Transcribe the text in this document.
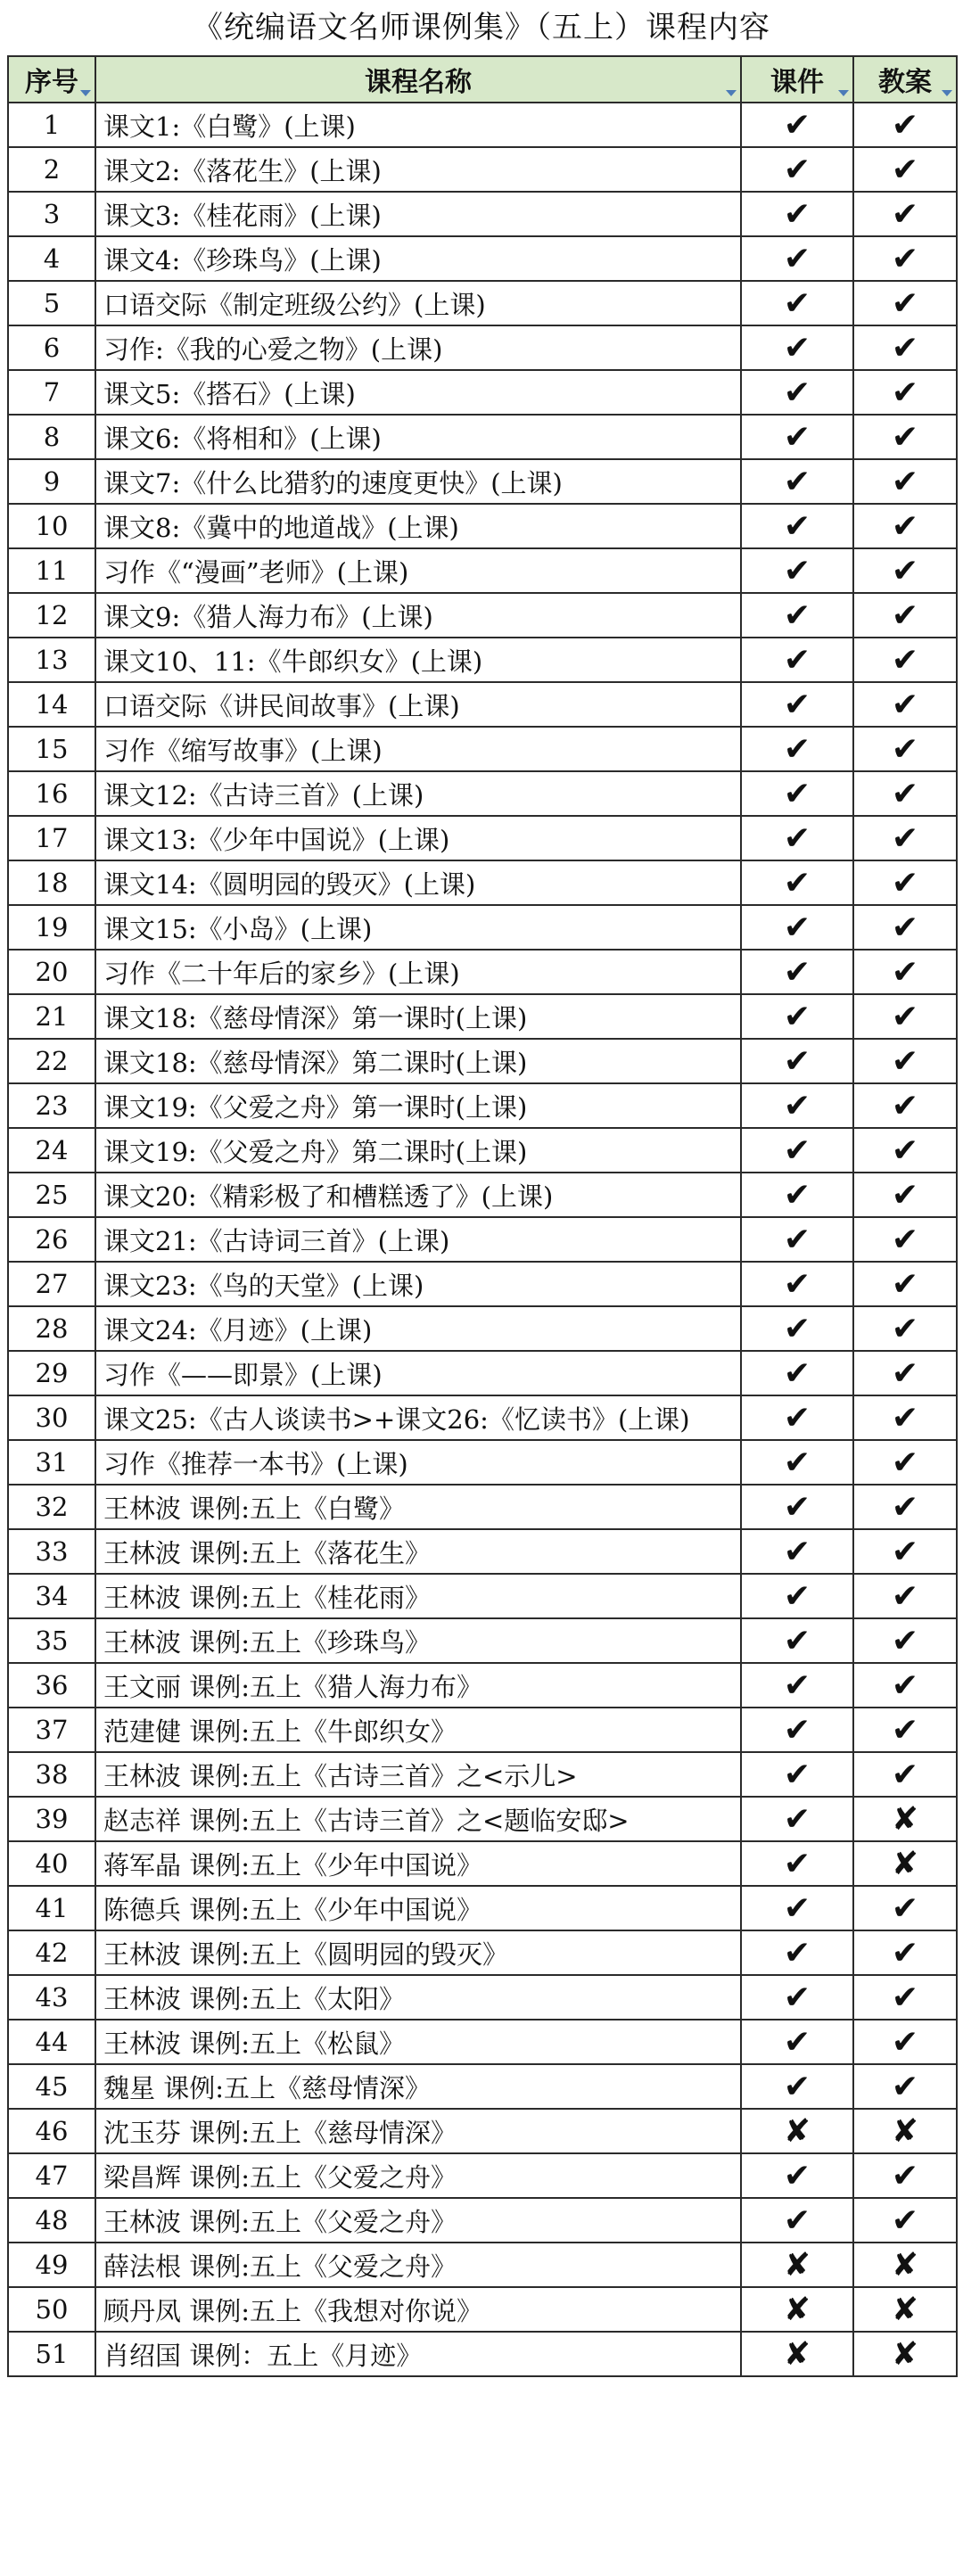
《统编语文名师课例集》（五上）课程内容
序号	课程名称	课件	教案

1	课文1:《白鹭》(上课)	✔	✔
2	课文2:《落花生》(上课)	✔	✔
3	课文3:《桂花雨》(上课)	✔	✔
4	课文4:《珍珠鸟》(上课)	✔	✔
5	口语交际《制定班级公约》(上课)	✔	✔
6	习作:《我的心爱之物》(上课)	✔	✔
7	课文5:《搭石》(上课)	✔	✔
8	课文6:《将相和》(上课)	✔	✔
9	课文7:《什么比猎豹的速度更快》(上课)	✔	✔
10	课文8:《冀中的地道战》(上课)	✔	✔
11	习作《“漫画”老师》(上课)	✔	✔
12	课文9:《猎人海力布》(上课)	✔	✔
13	课文10、11:《牛郎织女》(上课)	✔	✔
14	口语交际《讲民间故事》(上课)	✔	✔
15	习作《缩写故事》(上课)	✔	✔
16	课文12:《古诗三首》(上课)	✔	✔
17	课文13:《少年中国说》(上课)	✔	✔
18	课文14:《圆明园的毁灭》(上课)	✔	✔
19	课文15:《小岛》(上课)	✔	✔
20	习作《二十年后的家乡》(上课)	✔	✔
21	课文18:《慈母情深》第一课时(上课)	✔	✔
22	课文18:《慈母情深》第二课时(上课)	✔	✔
23	课文19:《父爱之舟》第一课时(上课)	✔	✔
24	课文19:《父爱之舟》第二课时(上课)	✔	✔
25	课文20:《精彩极了和槽糕透了》(上课)	✔	✔
26	课文21:《古诗词三首》(上课)	✔	✔
27	课文23:《鸟的天堂》(上课)	✔	✔
28	课文24:《月迹》(上课)	✔	✔
29	习作《——即景》(上课)	✔	✔
30	课文25:《古人谈读书>+课文26:《忆读书》(上课)	✔	✔
31	习作《推荐一本书》(上课)	✔	✔
32	王林波 课例:五上《白鹭》	✔	✔
33	王林波 课例:五上《落花生》	✔	✔
34	王林波 课例:五上《桂花雨》	✔	✔
35	王林波 课例:五上《珍珠鸟》	✔	✔
36	王文丽 课例:五上《猎人海力布》	✔	✔
37	范建健 课例:五上《牛郎织女》	✔	✔
38	王林波 课例:五上《古诗三首》之<示儿>	✔	✔
39	赵志祥 课例:五上《古诗三首》之<题临安邸>	✔	✘
40	蒋军晶 课例:五上《少年中国说》	✔	✘
41	陈德兵 课例:五上《少年中国说》	✔	✔
42	王林波 课例:五上《圆明园的毁灭》	✔	✔
43	王林波 课例:五上《太阳》	✔	✔
44	王林波 课例:五上《松鼠》	✔	✔
45	魏星 课例:五上《慈母情深》	✔	✔
46	沈玉芬 课例:五上《慈母情深》	✘	✘
47	梁昌辉 课例:五上《父爱之舟》	✔	✔
48	王林波 课例:五上《父爱之舟》	✔	✔
49	薛法根 课例:五上《父爱之舟》	✘	✘
50	顾丹凤 课例:五上《我想对你说》	✘	✘
51	肖绍国 课例：五上《月迹》	✘	✘
